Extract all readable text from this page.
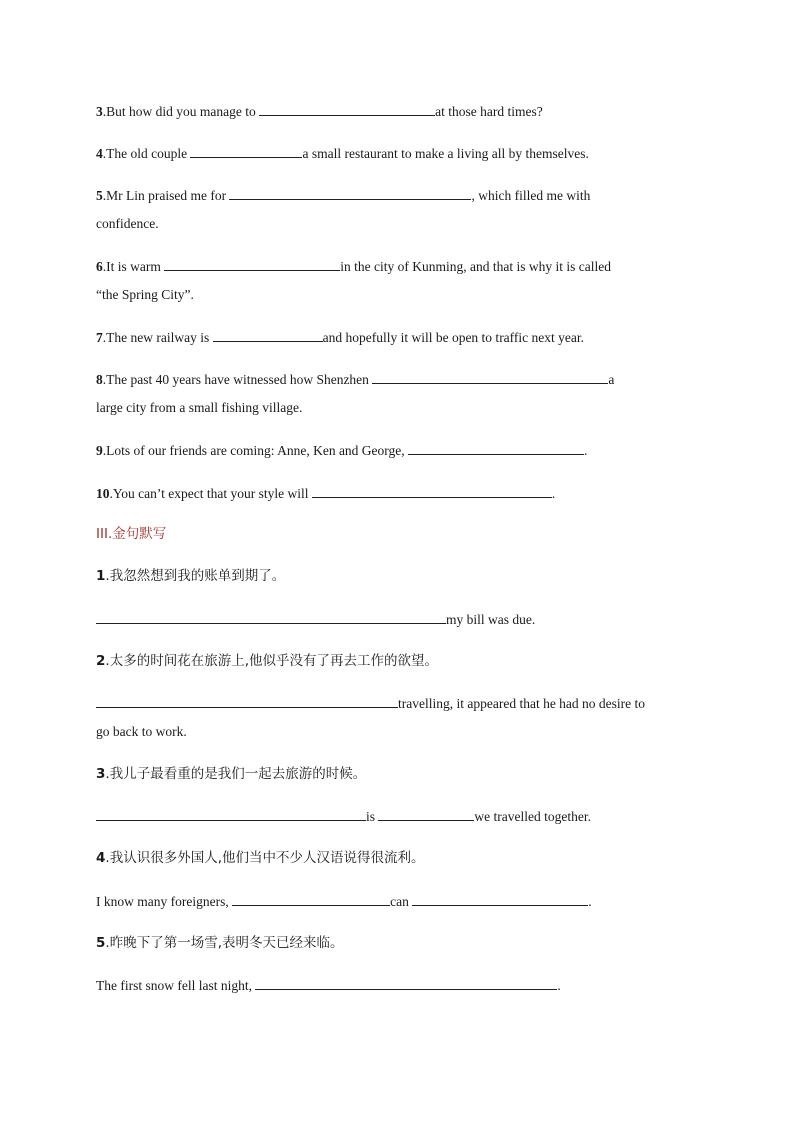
3.But how did you manage to	at those hard times?
4.The old couple	a small restaurant to make a living all by themselves.
5.Mr Lin praised me for	, which filled me with
confidence.
6.It is warm	in the city of Kunming, and that is why it is called
“the Spring City”.
7.The new railway is	and hopefully it will be open to traffic next year.
8.The past 40 years have witnessed how Shenzhen	a
large city from a small fishing village.
9.Lots of our friends are coming: Anne, Ken and George,	.
10.You can’t expect that your style will	.
III.金句默写
1.我忽然想到我的账单到期了。
my bill was due.
2.太多的时间花在旅游上,他似乎没有了再去工作的欲望。
travelling, it appeared that he had no desire to
go back to work.
3.我儿子最看重的是我们一起去旅游的时候。
is	we travelled together.
4.我认识很多外国人,他们当中不少人汉语说得很流利。
I know many foreigners,	can	.
5.昨晚下了第一场雪,表明冬天已经来临。
The first snow fell last night,	.
